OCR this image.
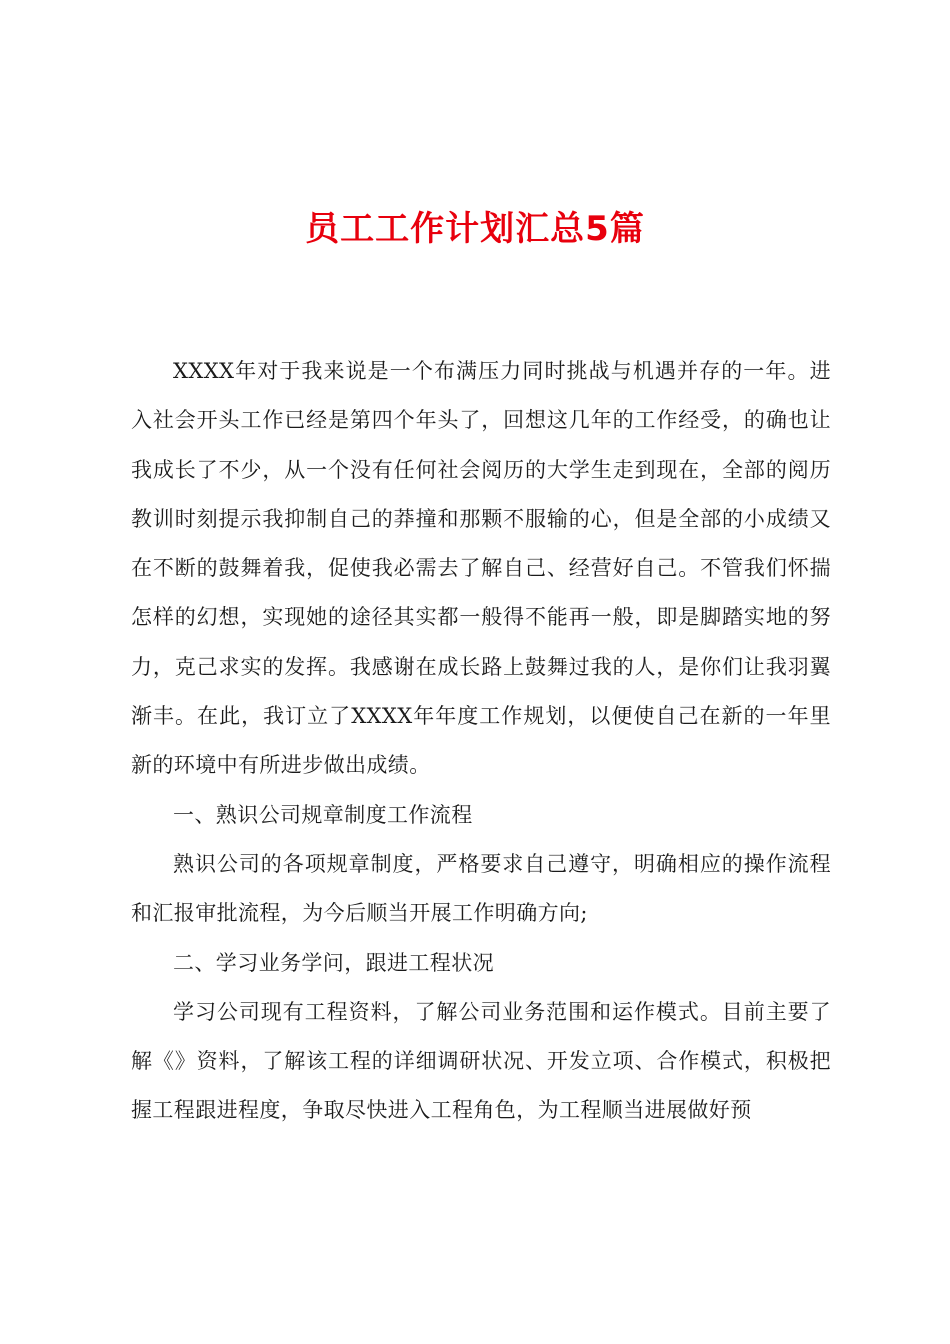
员工工作计划汇总5篇

XXXX年对于我来说是一个布满压力同时挑战与机遇并存的一年。进入社会开头工作已经是第四个年头了，回想这几年的工作经受，的确也让我成长了不少，从一个没有任何社会阅历的大学生走到现在，全部的阅历教训时刻提示我抑制自己的莽撞和那颗不服输的心，但是全部的小成绩又在不断的鼓舞着我，促使我必需去了解自己、经营好自己。不管我们怀揣怎样的幻想，实现她的途径其实都一般得不能再一般，即是脚踏实地的努力，克己求实的发挥。我感谢在成长路上鼓舞过我的人，是你们让我羽翼渐丰。在此，我订立了XXXX年年度工作规划，以便使自己在新的一年里新的环境中有所进步做出成绩。

一、熟识公司规章制度工作流程

熟识公司的各项规章制度，严格要求自己遵守，明确相应的操作流程和汇报审批流程，为今后顺当开展工作明确方向;

二、学习业务学问，跟进工程状况

学习公司现有工程资料，了解公司业务范围和运作模式。目前主要了解《》资料，了解该工程的详细调研状况、开发立项、合作模式，积极把握工程跟进程度，争取尽快进入工程角色，为工程顺当进展做好预
